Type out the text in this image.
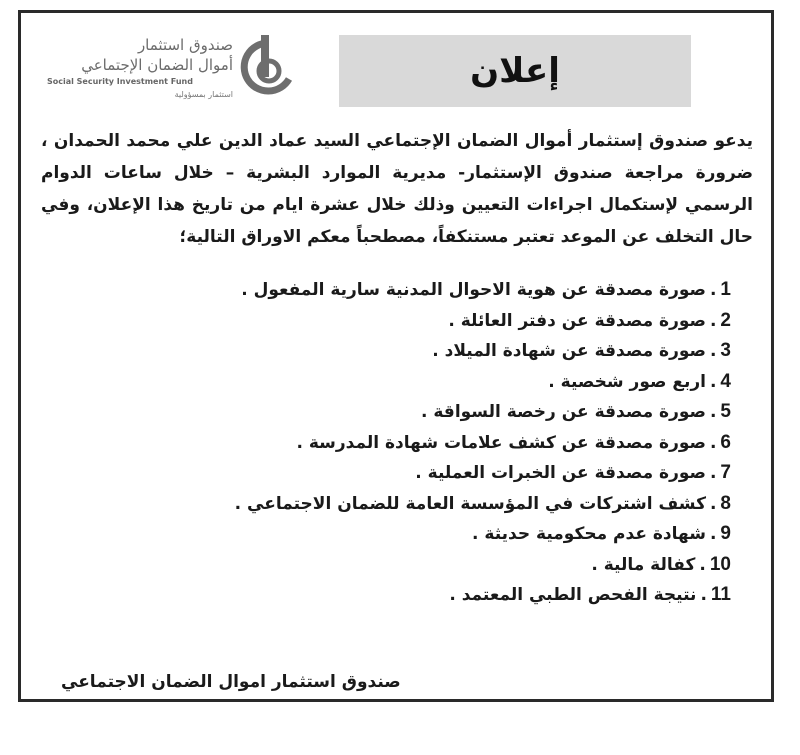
صندوق استثمار
أموال الضمان الإجتماعي
Social Security Investment Fund
استثمار بمسؤولية
إعلان

يدعو صندوق إستثمار أموال الضمان الإجتماعي السيد عماد الدين علي محمد الحمدان ، ضرورة مراجعة صندوق الإستثمار- مديرية الموارد البشرية – خلال ساعات الدوام الرسمي لإستكمال اجراءات التعيين وذلك خلال عشرة ايام من تاريخ هذا الإعلان، وفي حال التخلف عن الموعد تعتبر مستنكفاً، مصطحباً معكم الاوراق التالية؛

1
.
صورة مصدقة عن هوية الاحوال المدنية سارية المفعول .
2
.
صورة مصدقة عن دفتر العائلة .
3
.
صورة مصدقة عن شهادة الميلاد .
4
.
اربع صور شخصية .
5
.
صورة مصدقة عن رخصة السواقة .
6
.
صورة مصدقة عن كشف علامات شهادة المدرسة .
7
.
صورة مصدقة عن الخبرات العملية .
8
.
كشف اشتركات في المؤسسة العامة للضمان الاجتماعي .
9
.
شهادة عدم محكومية حديثة .
10
.
كفالة مالية .
11
.
نتيجة الفحص الطبي المعتمد .

صندوق استثمار اموال الضمان الاجتماعي
